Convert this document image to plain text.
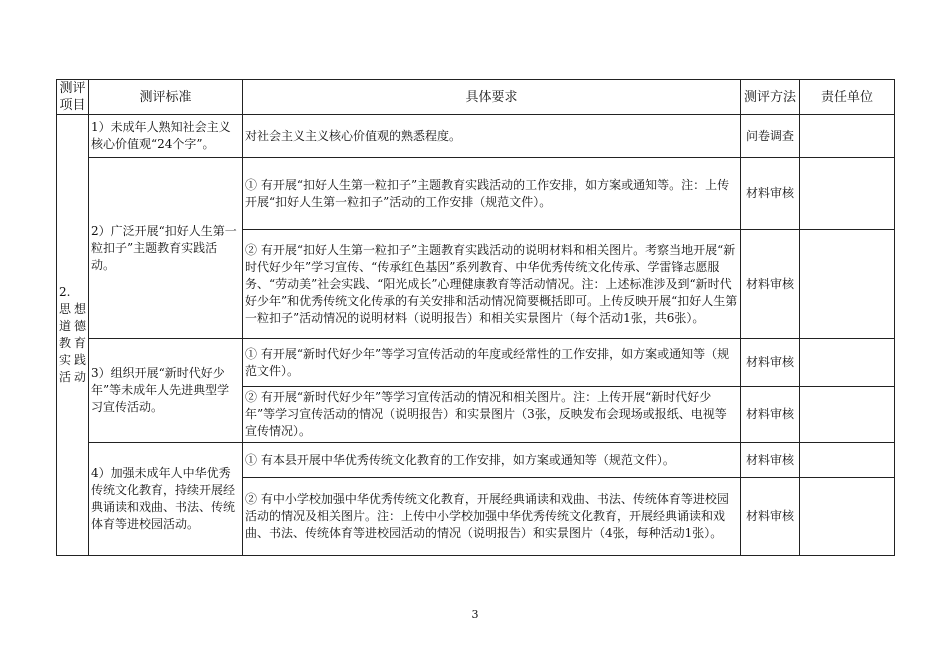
测评项目	测评标准	具体要求	测评方法	责任单位
2. 思想道德教育实践活动	1）未成年人熟知社会主义核心价值观“24个字”。	对社会主义主义核心价值观的熟悉程度。	问卷调查	
	2）广泛开展“扣好人生第一粒扣子”主题教育实践活动。	① 有开展“扣好人生第一粒扣子”主题教育实践活动的工作安排，如方案或通知等。注：上传开展“扣好人生第一粒扣子”活动的工作安排（规范文件）。	材料审核	
		② 有开展“扣好人生第一粒扣子”主题教育实践活动的说明材料和相关图片。考察当地开展“新时代好少年”学习宣传、“传承红色基因”系列教育、中华优秀传统文化传承、学雷锋志愿服务、“劳动美”社会实践、“阳光成长”心理健康教育等活动情况。注：上述标准涉及到“新时代好少年”和优秀传统文化传承的有关安排和活动情况简要概括即可。上传反映开展“扣好人生第一粒扣子”活动情况的说明材料（说明报告）和相关实景图片（每个活动1张，共6张）。	材料审核	
	3）组织开展“新时代好少年”等未成年人先进典型学习宣传活动。	① 有开展“新时代好少年”等学习宣传活动的年度或经常性的工作安排，如方案或通知等（规范文件）。	材料审核	
		② 有开展“新时代好少年”等学习宣传活动的情况和相关图片。注：上传开展“新时代好少年”等学习宣传活动的情况（说明报告）和实景图片（3张，反映发布会现场或报纸、电视等宣传情况）。	材料审核	
	4）加强未成年人中华优秀传统文化教育，持续开展经典诵读和戏曲、书法、传统体育等进校园活动。	① 有本县开展中华优秀传统文化教育的工作安排，如方案或通知等（规范文件）。	材料审核	
		② 有中小学校加强中华优秀传统文化教育，开展经典诵读和戏曲、书法、传统体育等进校园活动的情况及相关图片。注：上传中小学校加强中华优秀传统文化教育，开展经典诵读和戏曲、书法、传统体育等进校园活动的情况（说明报告）和实景图片（4张，每种活动1张）。	材料审核	
3
